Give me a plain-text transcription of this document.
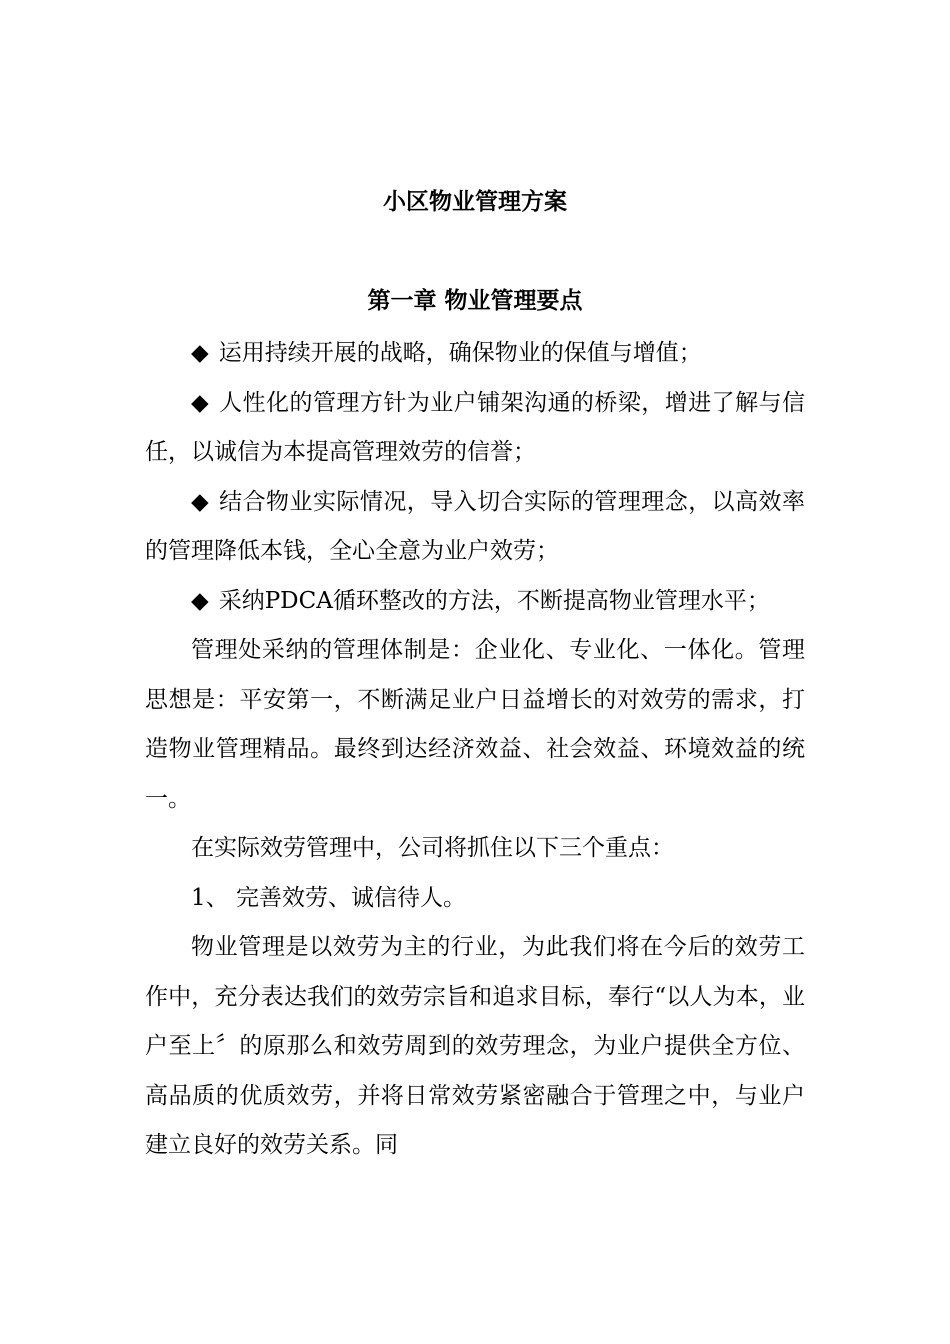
小区物业管理方案
第一章 物业管理要点

◆ 运用持续开展的战略，确保物业的保值与增值；

◆ 人性化的管理方针为业户铺架沟通的桥梁，增进了解与信任，以诚信为本提高管理效劳的信誉；

◆ 结合物业实际情况，导入切合实际的管理理念，以高效率的管理降低本钱，全心全意为业户效劳；

◆ 采纳PDCA循环整改的方法，不断提高物业管理水平；

管理处采纳的管理体制是：企业化、专业化、一体化。管理思想是：平安第一，不断满足业户日益增长的对效劳的需求，打造物业管理精品。最终到达经济效益、社会效益、环境效益的统一。

在实际效劳管理中，公司将抓住以下三个重点：

1、 完善效劳、诚信待人。

物业管理是以效劳为主的行业，为此我们将在今后的效劳工作中，充分表达我们的效劳宗旨和追求目标，奉行“以人为本，业户至上〞的原那么和效劳周到的效劳理念，为业户提供全方位、高品质的优质效劳，并将日常效劳紧密融合于管理之中，与业户建立良好的效劳关系。同
